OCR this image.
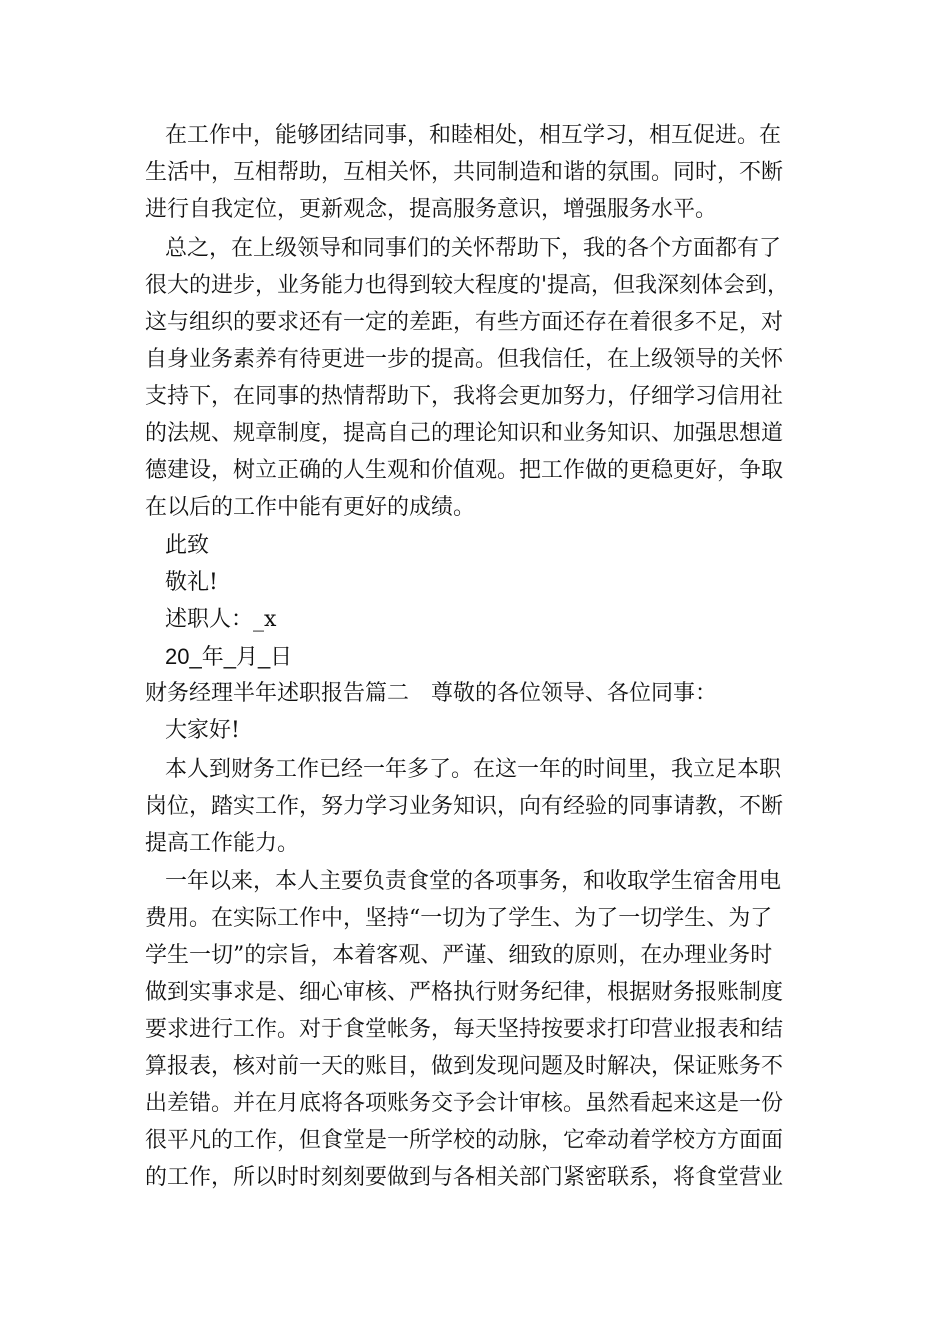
在工作中，能够团结同事，和睦相处，相互学习，相互促进。在
生活中，互相帮助，互相关怀，共同制造和谐的氛围。同时，不断
进行自我定位，更新观念，提高服务意识，增强服务水平。
总之，在上级领导和同事们的关怀帮助下，我的各个方面都有了
很大的进步，业务能力也得到较大程度的'提高，但我深刻体会到，
这与组织的要求还有一定的差距，有些方面还存在着很多不足，对
自身业务素养有待更进一步的提高。但我信任，在上级领导的关怀
支持下，在同事的热情帮助下，我将会更加努力，仔细学习信用社
的法规、规章制度，提高自己的理论知识和业务知识、加强思想道
德建设，树立正确的人生观和价值观。把工作做的更稳更好，争取
在以后的工作中能有更好的成绩。
此致
敬礼!
述职人：_x
20_年_月_日
财务经理半年述职报告篇二　尊敬的各位领导、各位同事：
大家好!
本人到财务工作已经一年多了。在这一年的时间里，我立足本职
岗位，踏实工作，努力学习业务知识，向有经验的同事请教，不断
提高工作能力。
一年以来，本人主要负责食堂的各项事务，和收取学生宿舍用电
费用。在实际工作中，坚持“一切为了学生、为了一切学生、为了
学生一切”的宗旨，本着客观、严谨、细致的原则，在办理业务时
做到实事求是、细心审核、严格执行财务纪律，根据财务报账制度
要求进行工作。对于食堂帐务，每天坚持按要求打印营业报表和结
算报表，核对前一天的账目，做到发现问题及时解决，保证账务不
出差错。并在月底将各项账务交予会计审核。虽然看起来这是一份
很平凡的工作，但食堂是一所学校的动脉，它牵动着学校方方面面
的工作，所以时时刻刻要做到与各相关部门紧密联系，将食堂营业
